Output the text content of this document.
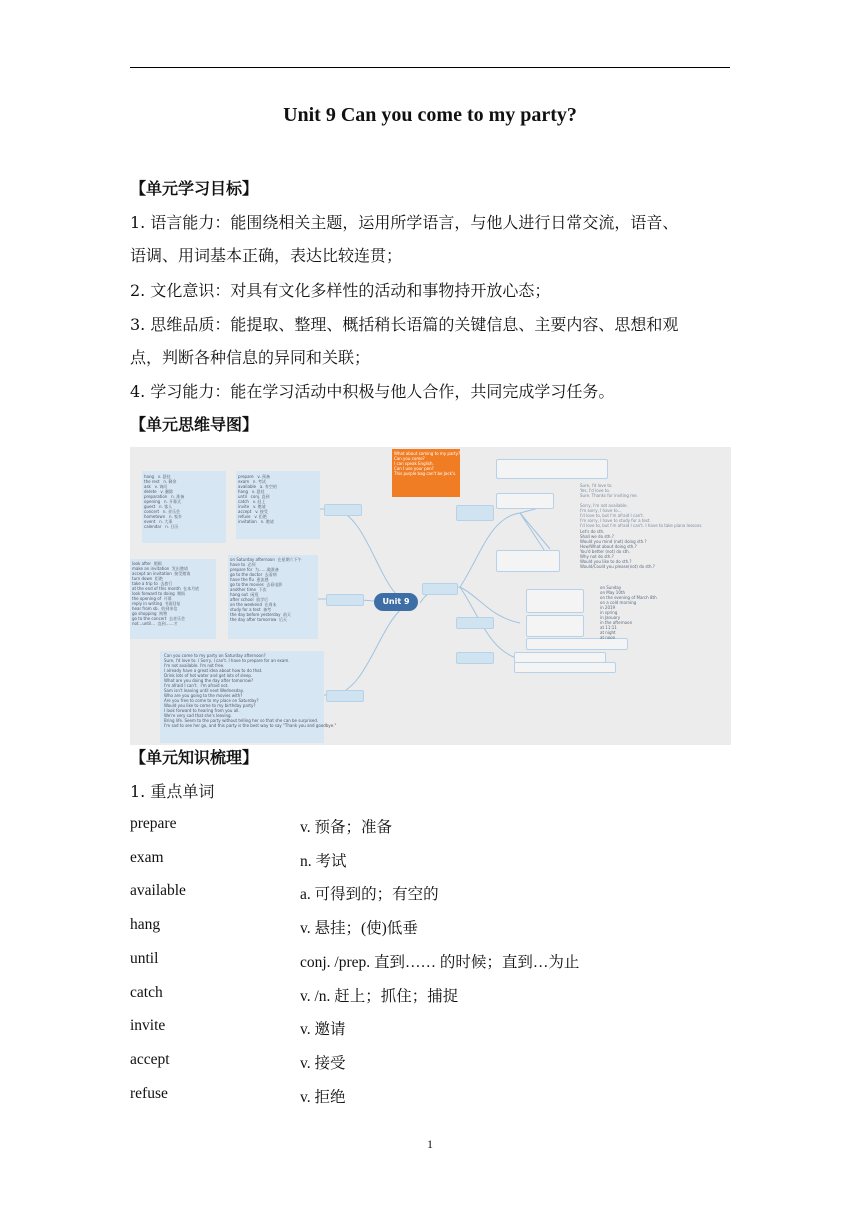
Unit 9 Can you come to my party?
【单元学习目标】
1. 语言能力：能围绕相关主题，运用所学语言，与他人进行日常交流，语音、
语调、用词基本正确，表达比较连贯；
2. 文化意识：对具有文化多样性的活动和事物持开放心态；
3. 思维品质：能提取、整理、概括稍长语篇的关键信息、主要内容、思想和观
点，判断各种信息的异同和关联；
4. 学习能力：能在学习活动中积极与他人合作，共同完成学习任务。
【单元思维导图】
hang   v. 悬挂
the rest   n. 剩余
ask   v. 询问
delete   v. 删除
preparation   n. 准备
opening   n. 开幕式
guest   n. 客人
concert   n. 音乐会
hometown   n. 家乡
event   n. 大事
calendar   n. 日历
prepare   v. 预备
exam   n. 考试
available   a. 有空的
hang   v. 悬挂
until   conj. 直到
catch   v. 赶上
invite   v. 邀请
accept   v. 接受
refuse   v. 拒绝
invitation   n. 邀请
look after  照顾
make an invitation  发出邀请
accept an invitation  接受邀请
turn down  拒绝
take a trip to  去旅行
at the end of this month  在本月底
look forward to doing  期盼
the opening of  开幕
reply in writing  书面回复
hear from sb.  收到来信
go shopping  购物
go to the concert  去音乐会
not...until...  直到……才
on Saturday afternoon  在星期六下午
have to  必须
prepare for  为……做准备
go to the doctor  去看病
have the flu  患流感
go to the movies  去看电影
another time  下次
hang out  闲逛
after school  放学后
on the weekend  在周末
study for a test  备考
the day before yesterday  前天
the day after tomorrow  后天
Can you come to my party on Saturday afternoon?
Sure, I'd love to. / Sorry, I can't. I have to prepare for an exam.
I'm not available. I'm not free.
I already have a great idea about how to do that.
Drink lots of hot water and get lots of sleep.
What are you doing the day after tomorrow?
I'm afraid I can't.  I'm afraid not.
Sam isn't leaving until next Wednesday.
Who are you going to the movies with?
Are you free to come to my place on Saturday?
Would you like to come to my birthday party?
I look forward to hearing from you all.
We're very sad that she's leaving.
Bring life. Seem to the party without telling her so that she can be surprised.
I'm sad to see her go, and this party is the best way to say "Thank you and goodbye."
Unit 9
What about coming to my party?
Can you come?
I can speak English.
Can I use your pen?
This purple bag can't be Jack's.
Sure, I'd love to.
Yes, I'd love to.
Sure. Thanks for inviting me.

Sorry, I'm not available.
I'm sorry, I have to...
I'd love to, but I'm afraid I can't.
I'm sorry, I have to study for a test.
I'd love to, but I'm afraid I can't. I have to take piano lessons.
Let's do sth.
Shall we do sth.?
Would you mind (not) doing sth.?
How/What about doing sth.?
You'd better (not) do sth.
Why not do sth.?
Would you like to do sth.?
Would/Could you please(not) do sth.?
on Sunday
on May 10th
on the evening of March 8th
on a cold morning
in 2019
in spring
in January
in the afternoon
at 11:11
at night
at noon
【单元知识梳理】
1. 重点单词
prepare	v. 预备；准备
exam	n. 考试
available	a. 可得到的；有空的
hang	v. 悬挂；(使)低垂
until	conj. /prep. 直到…… 的时候；直到…为止
catch	v. /n. 赶上；抓住；捕捉
invite	v. 邀请
accept	v. 接受
refuse	v. 拒绝
1
